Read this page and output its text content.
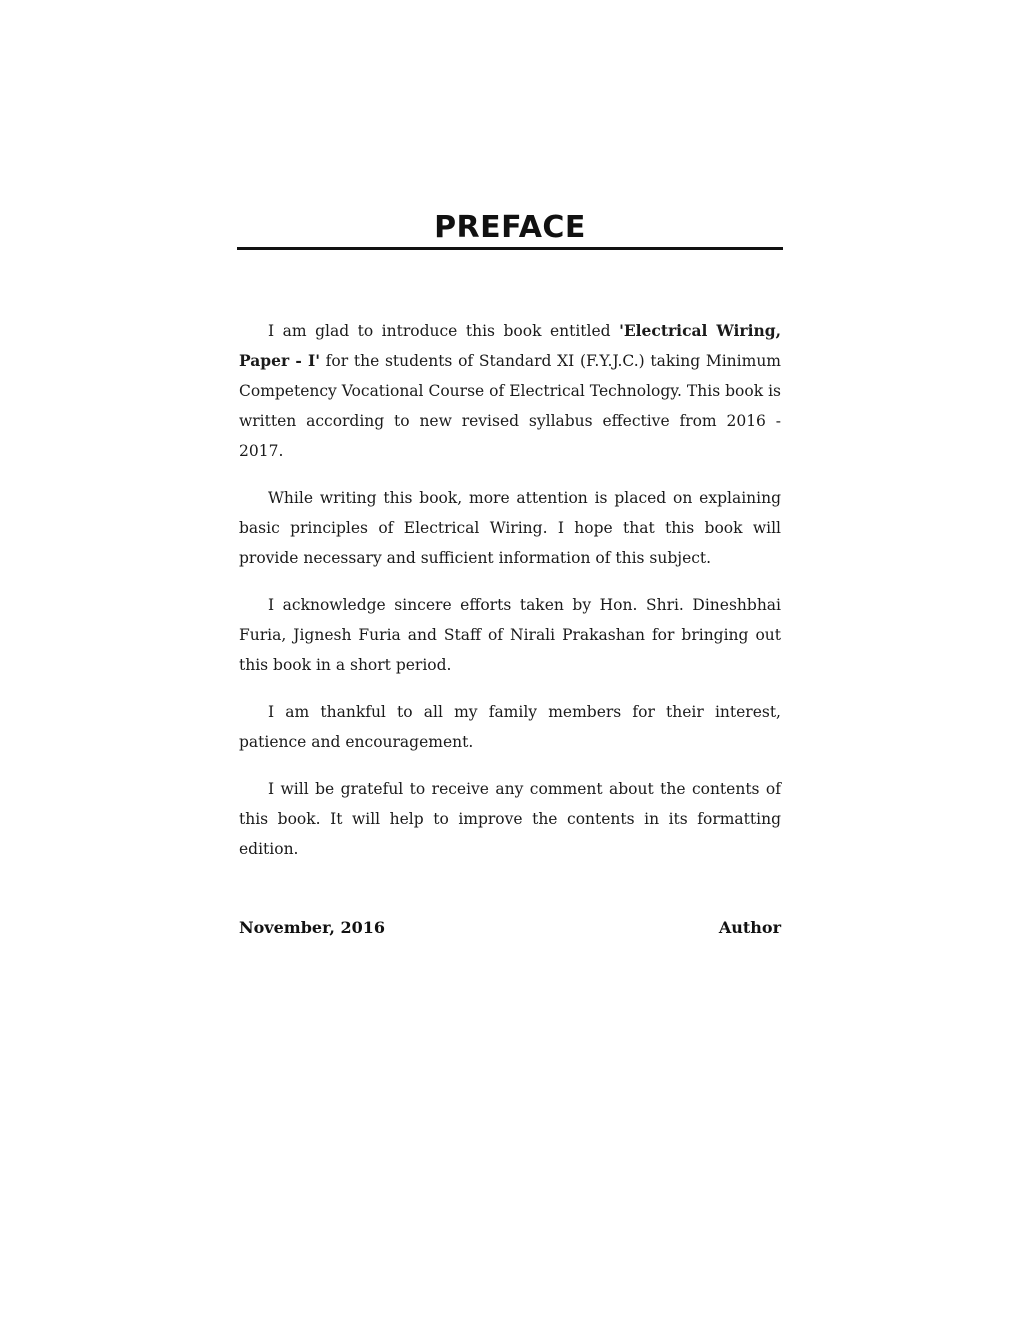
PREFACE

I am glad to introduce this book entitled 'Electrical Wiring, Paper - I' for the students of Standard XI (F.Y.J.C.) taking Minimum Competency Vocational Course of Electrical Technology. This book is written according to new revised syllabus effective from 2016 - 2017.

While writing this book, more attention is placed on explaining basic principles of Electrical Wiring. I hope that this book will provide necessary and sufficient information of this subject.

I acknowledge sincere efforts taken by Hon. Shri. Dineshbhai Furia, Jignesh Furia and Staff of Nirali Prakashan for bringing out this book in a short period.

I am thankful to all my family members for their interest, patience and encouragement.

I will be grateful to receive any comment about the contents of this book. It will help to improve the contents in its formatting edition.

November, 2016	Author
